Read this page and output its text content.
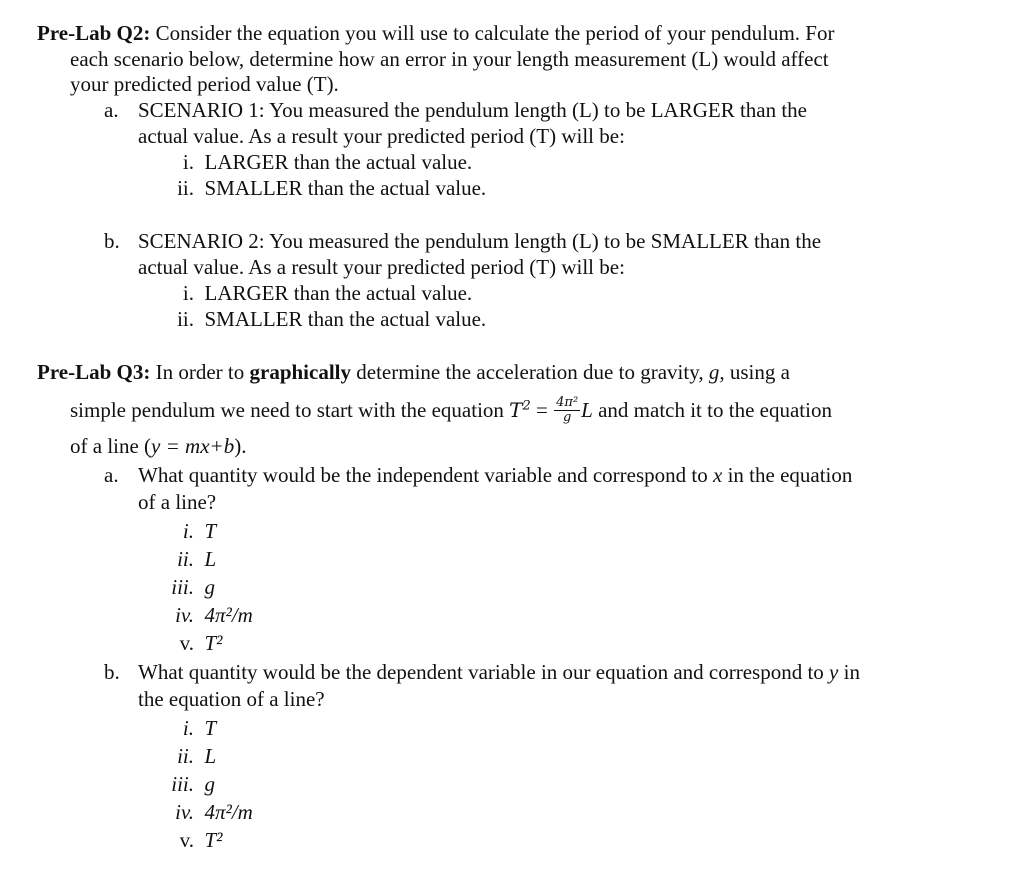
Pre-Lab Q2: Consider the equation you will use to calculate the period of your pendulum. For
each scenario below, determine how an error in your length measurement (L) would affect
your predicted period value (T).
a. SCENARIO 1: You measured the pendulum length (L) to be LARGER than the
actual value. As a result your predicted period (T) will be:
i. LARGER than the actual value.
ii. SMALLER than the actual value.
b. SCENARIO 2: You measured the pendulum length (L) to be SMALLER than the
actual value. As a result your predicted period (T) will be:
i. LARGER than the actual value.
ii. SMALLER than the actual value.
Pre-Lab Q3: In order to graphically determine the acceleration due to gravity, g, using a
simple pendulum we need to start with the equation $T^2 = \frac{\text{4π²}}{g}$ L and match it to the equation
of a line (y = mx+b).
a. What quantity would be the independent variable and correspond to x in the equation
of a line?
i. T
ii. L
iii. g
iv. 4π²/m
v. T²
b. What quantity would be the dependent variable in our equation and correspond to y in
the equation of a line?
i. T
ii. L
iii. g
iv. 4π²/m
v. T²
